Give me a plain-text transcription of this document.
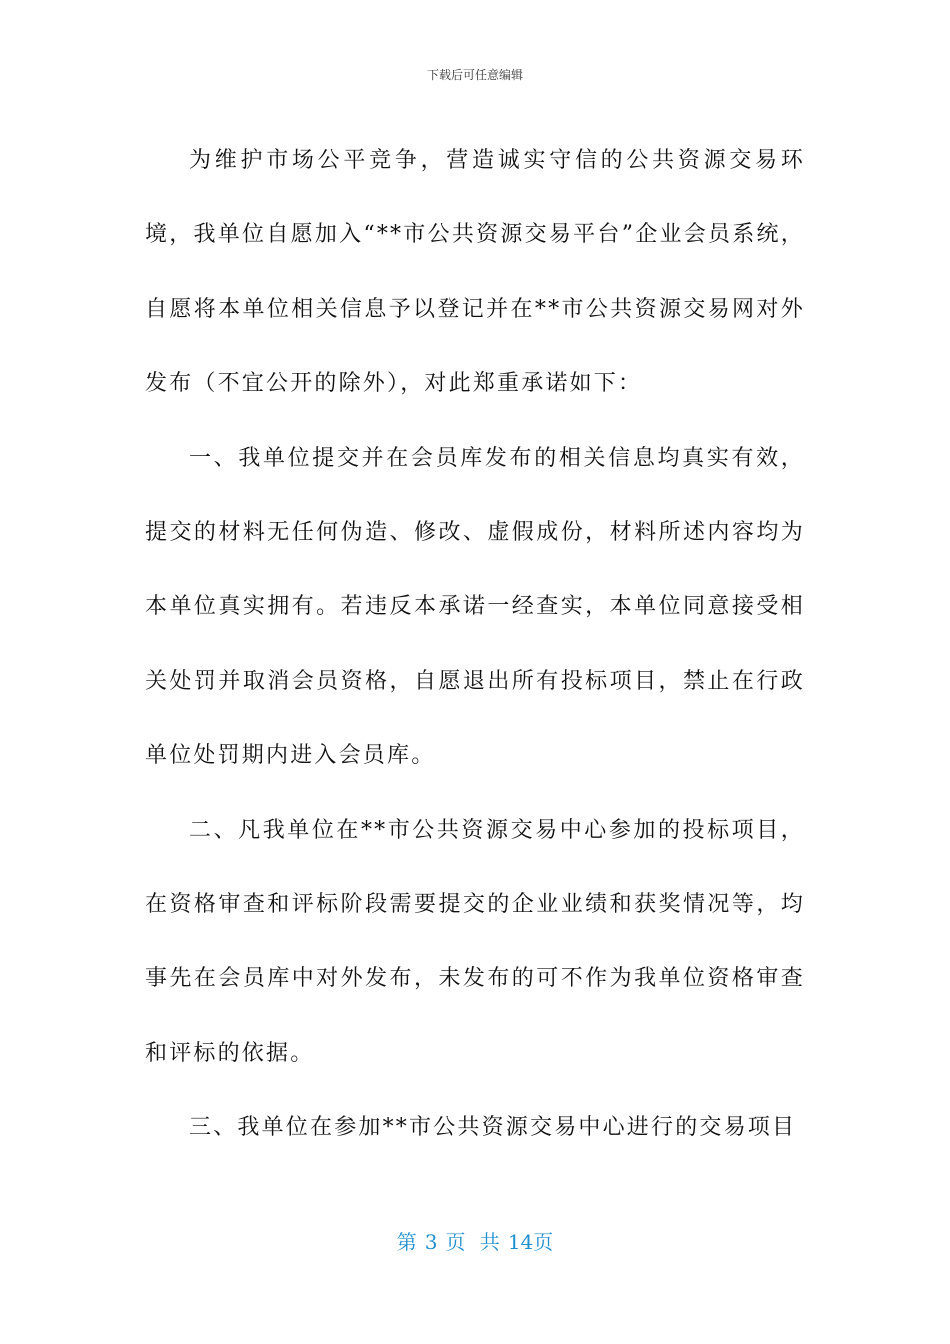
下载后可任意编辑

为维护市场公平竞争，营造诚实守信的公共资源交易环境，我单位自愿加入“**市公共资源交易平台”企业会员系统，自愿将本单位相关信息予以登记并在**市公共资源交易网对外发布（不宜公开的除外），对此郑重承诺如下：

一、我单位提交并在会员库发布的相关信息均真实有效，提交的材料无任何伪造、修改、虚假成份，材料所述内容均为本单位真实拥有。若违反本承诺一经查实，本单位同意接受相关处罚并取消会员资格，自愿退出所有投标项目，禁止在行政单位处罚期内进入会员库。

二、凡我单位在**市公共资源交易中心参加的投标项目，在资格审查和评标阶段需要提交的企业业绩和获奖情况等，均事先在会员库中对外发布，未发布的可不作为我单位资格审查和评标的依据。

三、我单位在参加**市公共资源交易中心进行的交易项目

第 3 页 共 14页
